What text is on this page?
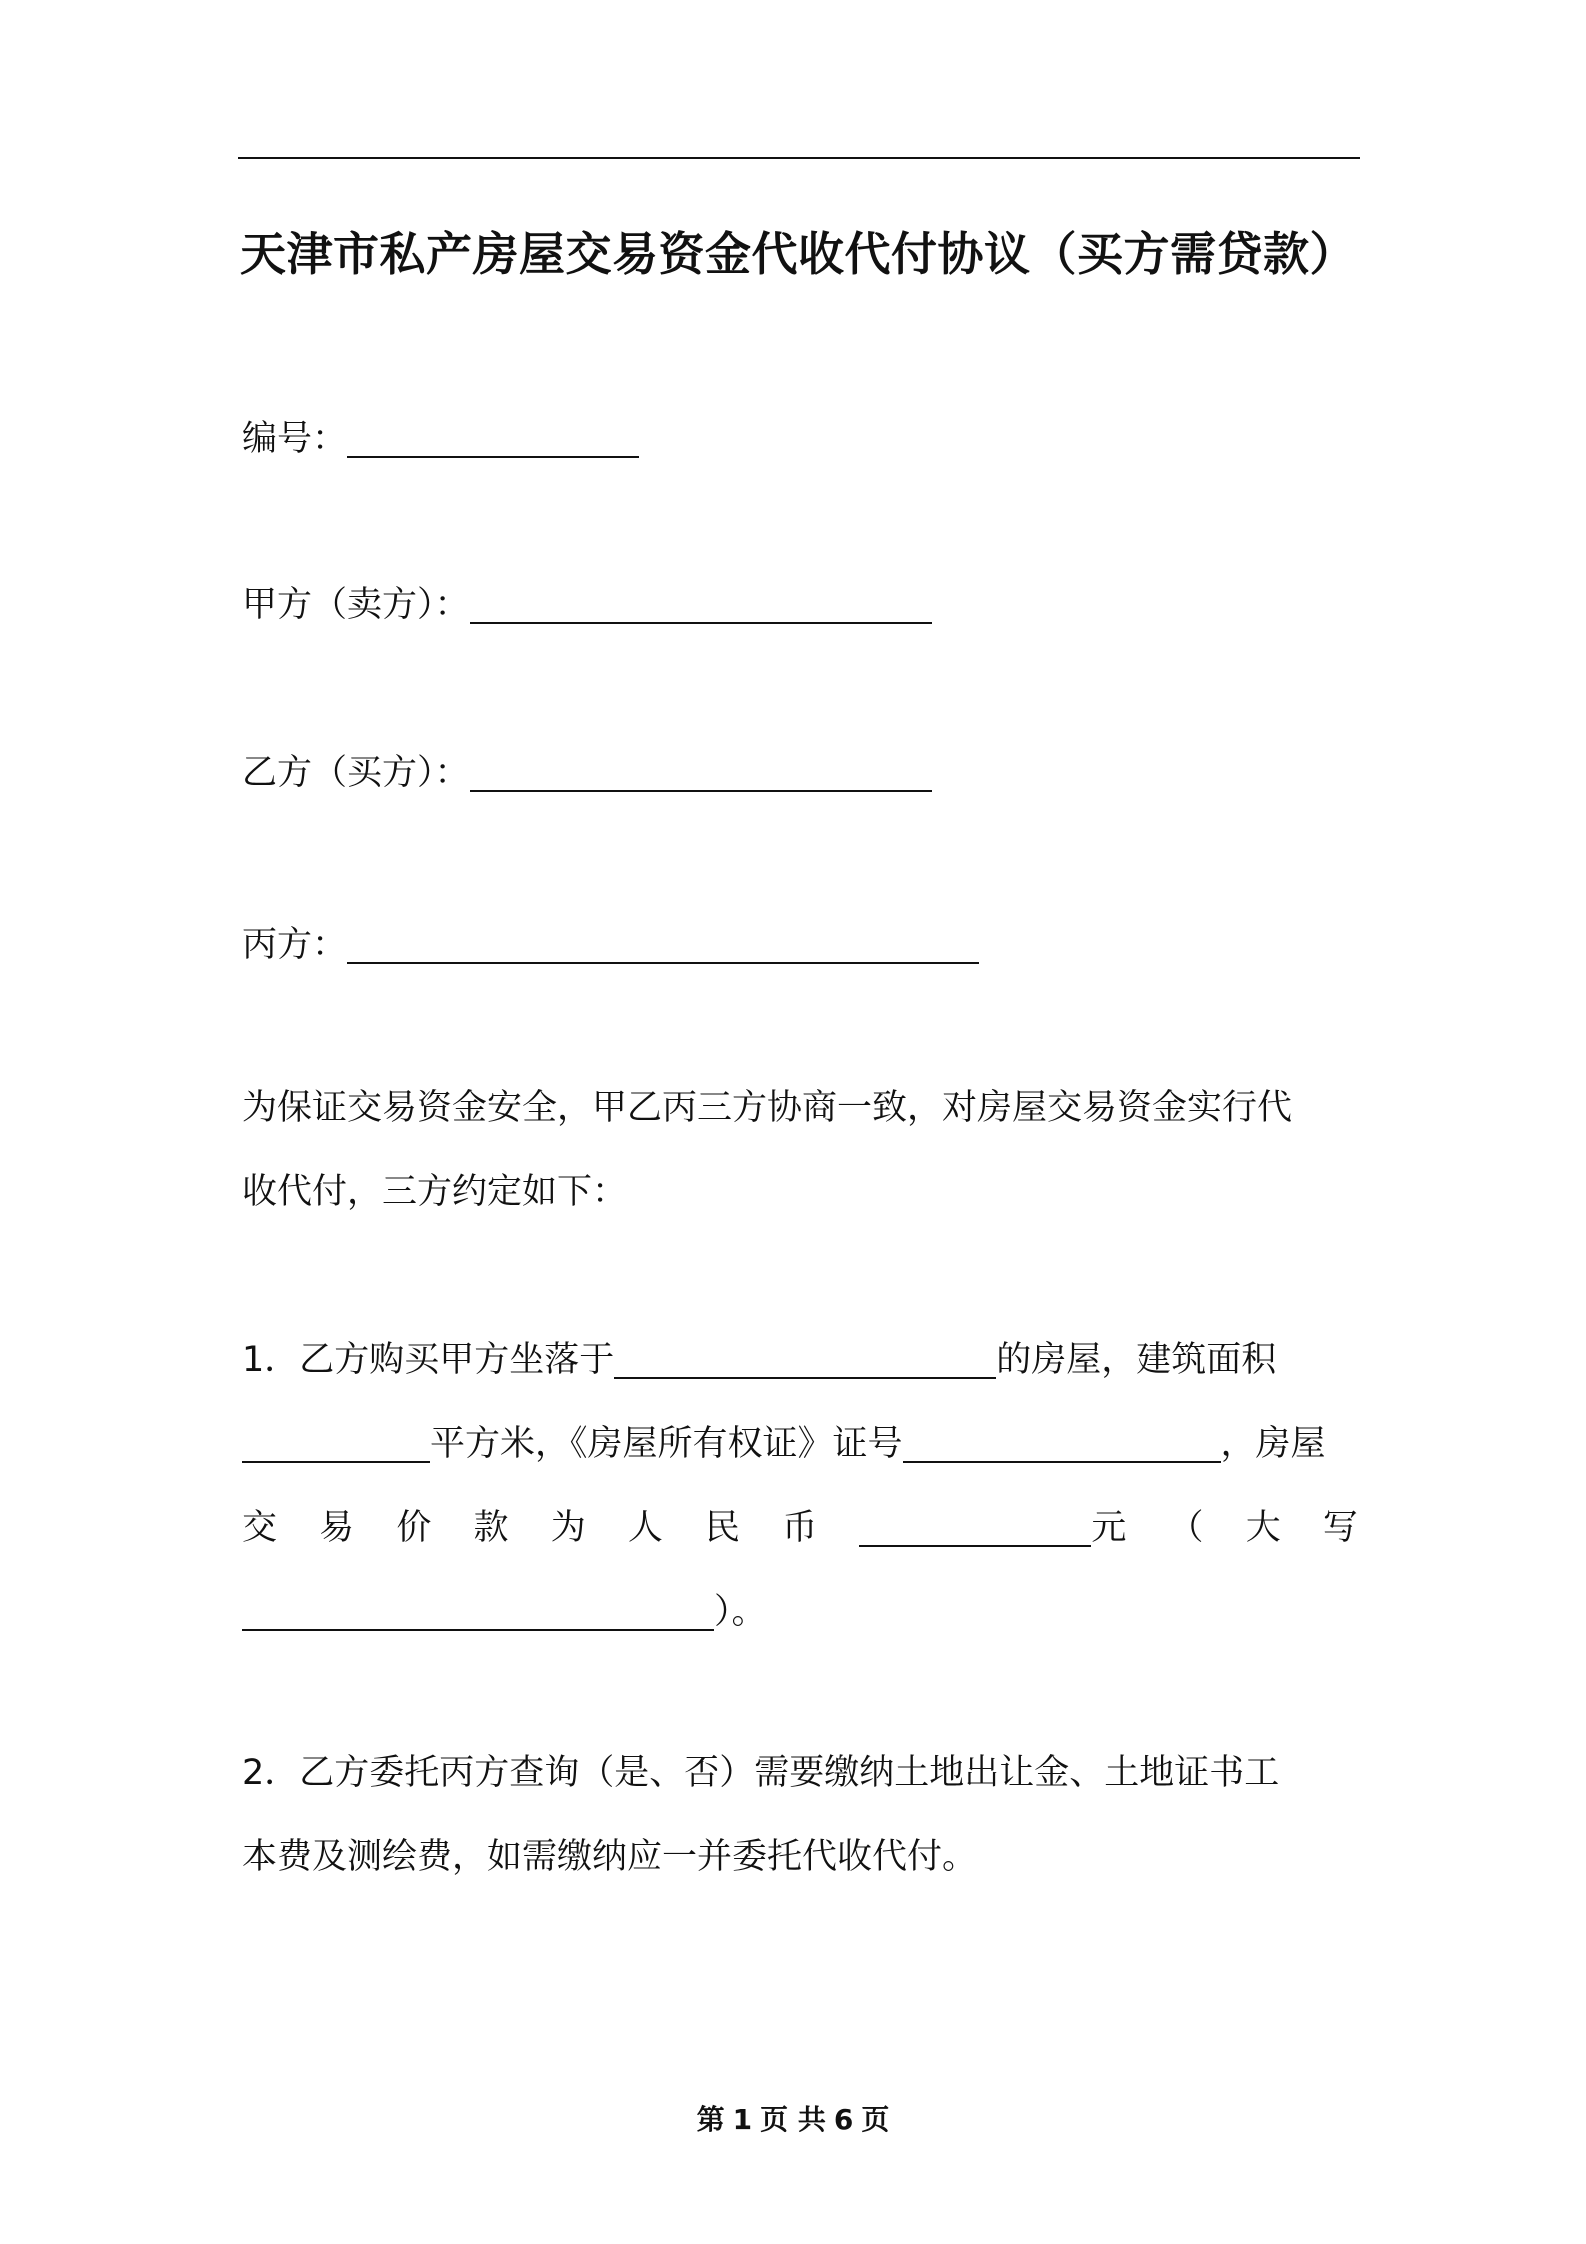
天津市私产房屋交易资金代收代付协议（买方需贷款）
编号：
甲方（卖方）：
乙方（买方）：
丙方：
为保证交易资金安全，甲乙丙三方协商一致，对房屋交易资金实行代
收代付，三方约定如下：
1．乙方购买甲方坐落于	的房屋，建筑面积
平方米，《房屋所有权证》证号	，房屋
交 易 价 款 为 人 民 币	元 （ 大 写
）。
2．乙方委托丙方查询（是、否）需要缴纳土地出让金、土地证书工
本费及测绘费，如需缴纳应一并委托代收代付。
第 1 页 共 6 页
